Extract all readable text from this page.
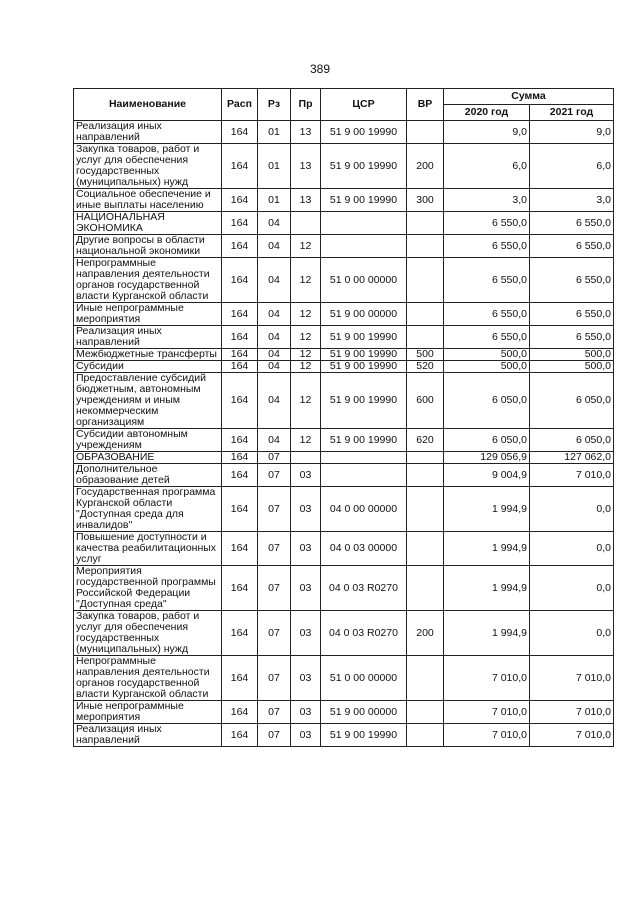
389
Наименование	Расп	Рз	Пр	ЦСР	ВР	Сумма	
						2020 год	2021 год
Реализация иных направлений	164	01	13	51 9 00 19990		9,0	9,0
Закупка товаров, работ и услуг для обеспечения государственных (муниципальных) нужд	164	01	13	51 9 00 19990	200	6,0	6,0
Социальное обеспечение и иные выплаты населению	164	01	13	51 9 00 19990	300	3,0	3,0
НАЦИОНАЛЬНАЯ ЭКОНОМИКА	164	04				6 550,0	6 550,0
Другие вопросы в области национальной экономики	164	04	12			6 550,0	6 550,0
Непрограммные направления деятельности органов государственной власти Курганской области	164	04	12	51 0 00 00000		6 550,0	6 550,0
Иные непрограммные мероприятия	164	04	12	51 9 00 00000		6 550,0	6 550,0
Реализация иных направлений	164	04	12	51 9 00 19990		6 550,0	6 550,0
Межбюджетные трансферты	164	04	12	51 9 00 19990	500	500,0	500,0
Субсидии	164	04	12	51 9 00 19990	520	500,0	500,0
Предоставление субсидий бюджетным, автономным учреждениям и иным некоммерческим организациям	164	04	12	51 9 00 19990	600	6 050,0	6 050,0
Субсидии автономным учреждениям	164	04	12	51 9 00 19990	620	6 050,0	6 050,0
ОБРАЗОВАНИЕ	164	07				129 056,9	127 062,0
Дополнительное образование детей	164	07	03			9 004,9	7 010,0
Государственная программа Курганской области "Доступная среда для инвалидов"	164	07	03	04 0 00 00000		1 994,9	0,0
Повышение доступности и качества реабилитационных услуг	164	07	03	04 0 03 00000		1 994,9	0,0
Мероприятия государственной программы Российской Федерации "Доступная среда"	164	07	03	04 0 03 R0270		1 994,9	0,0
Закупка товаров, работ и услуг для обеспечения государственных (муниципальных) нужд	164	07	03	04 0 03 R0270	200	1 994,9	0,0
Непрограммные направления деятельности органов государственной власти Курганской области	164	07	03	51 0 00 00000		7 010,0	7 010,0
Иные непрограммные мероприятия	164	07	03	51 9 00 00000		7 010,0	7 010,0
Реализация иных направлений	164	07	03	51 9 00 19990		7 010,0	7 010,0
